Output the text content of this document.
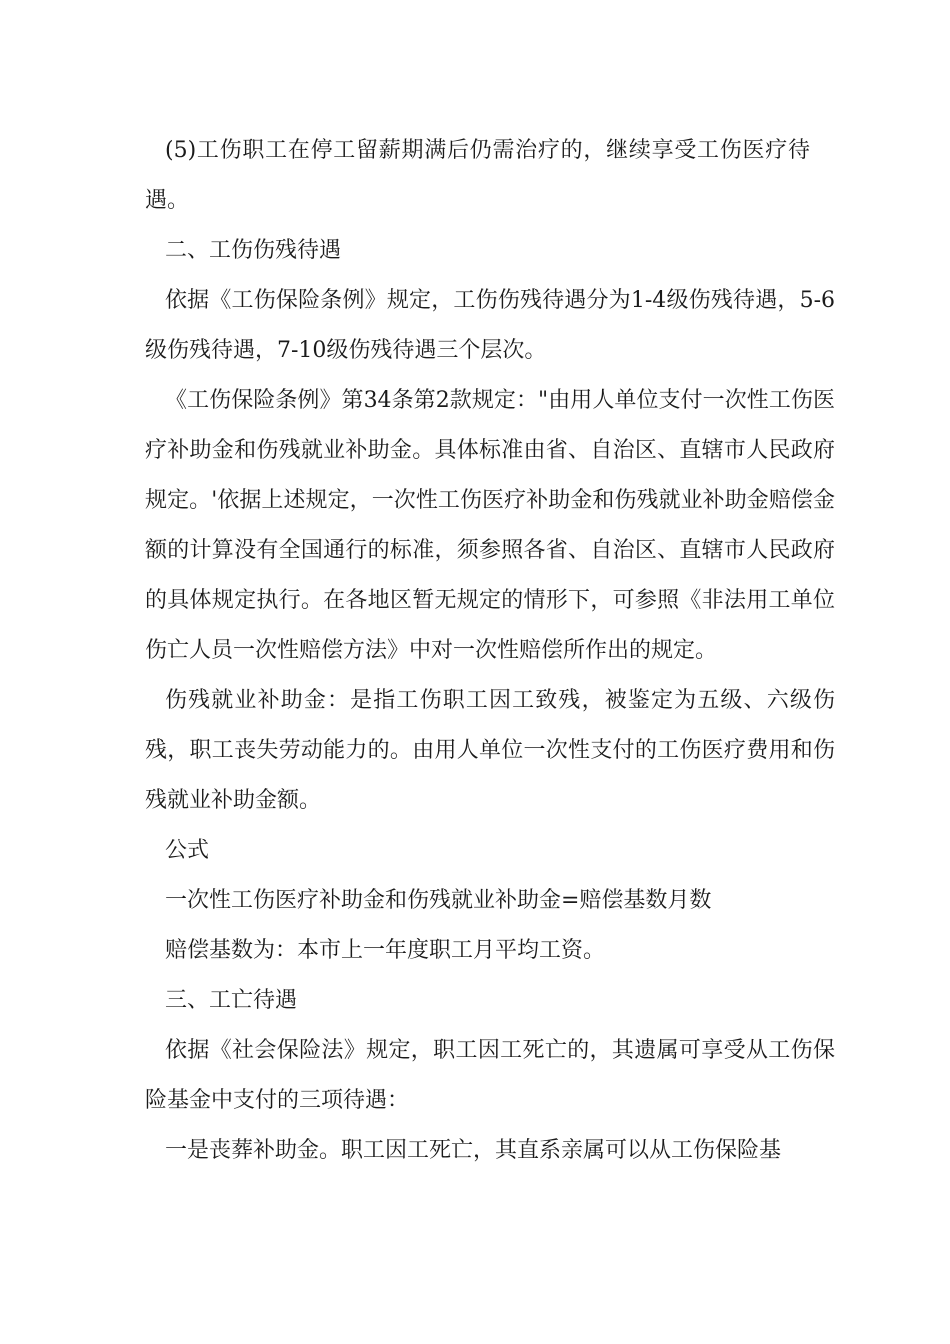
(5)工伤职工在停工留薪期满后仍需治疗的，继续享受工伤医疗待遇。

二、工伤伤残待遇

依据《工伤保险条例》规定，工伤伤残待遇分为1-4级伤残待遇，5-6级伤残待遇，7-10级伤残待遇三个层次。

《工伤保险条例》第34条第2款规定："由用人单位支付一次性工伤医疗补助金和伤残就业补助金。具体标准由省、自治区、直辖市人民政府规定。'依据上述规定，一次性工伤医疗补助金和伤残就业补助金赔偿金额的计算没有全国通行的标准，须参照各省、自治区、直辖市人民政府的具体规定执行。在各地区暂无规定的情形下，可参照《非法用工单位伤亡人员一次性赔偿方法》中对一次性赔偿所作出的规定。

伤残就业补助金：是指工伤职工因工致残，被鉴定为五级、六级伤残，职工丧失劳动能力的。由用人单位一次性支付的工伤医疗费用和伤残就业补助金额。

公式

一次性工伤医疗补助金和伤残就业补助金=赔偿基数月数

赔偿基数为：本市上一年度职工月平均工资。

三、工亡待遇

依据《社会保险法》规定，职工因工死亡的，其遗属可享受从工伤保险基金中支付的三项待遇：

一是丧葬补助金。职工因工死亡，其直系亲属可以从工伤保险基
